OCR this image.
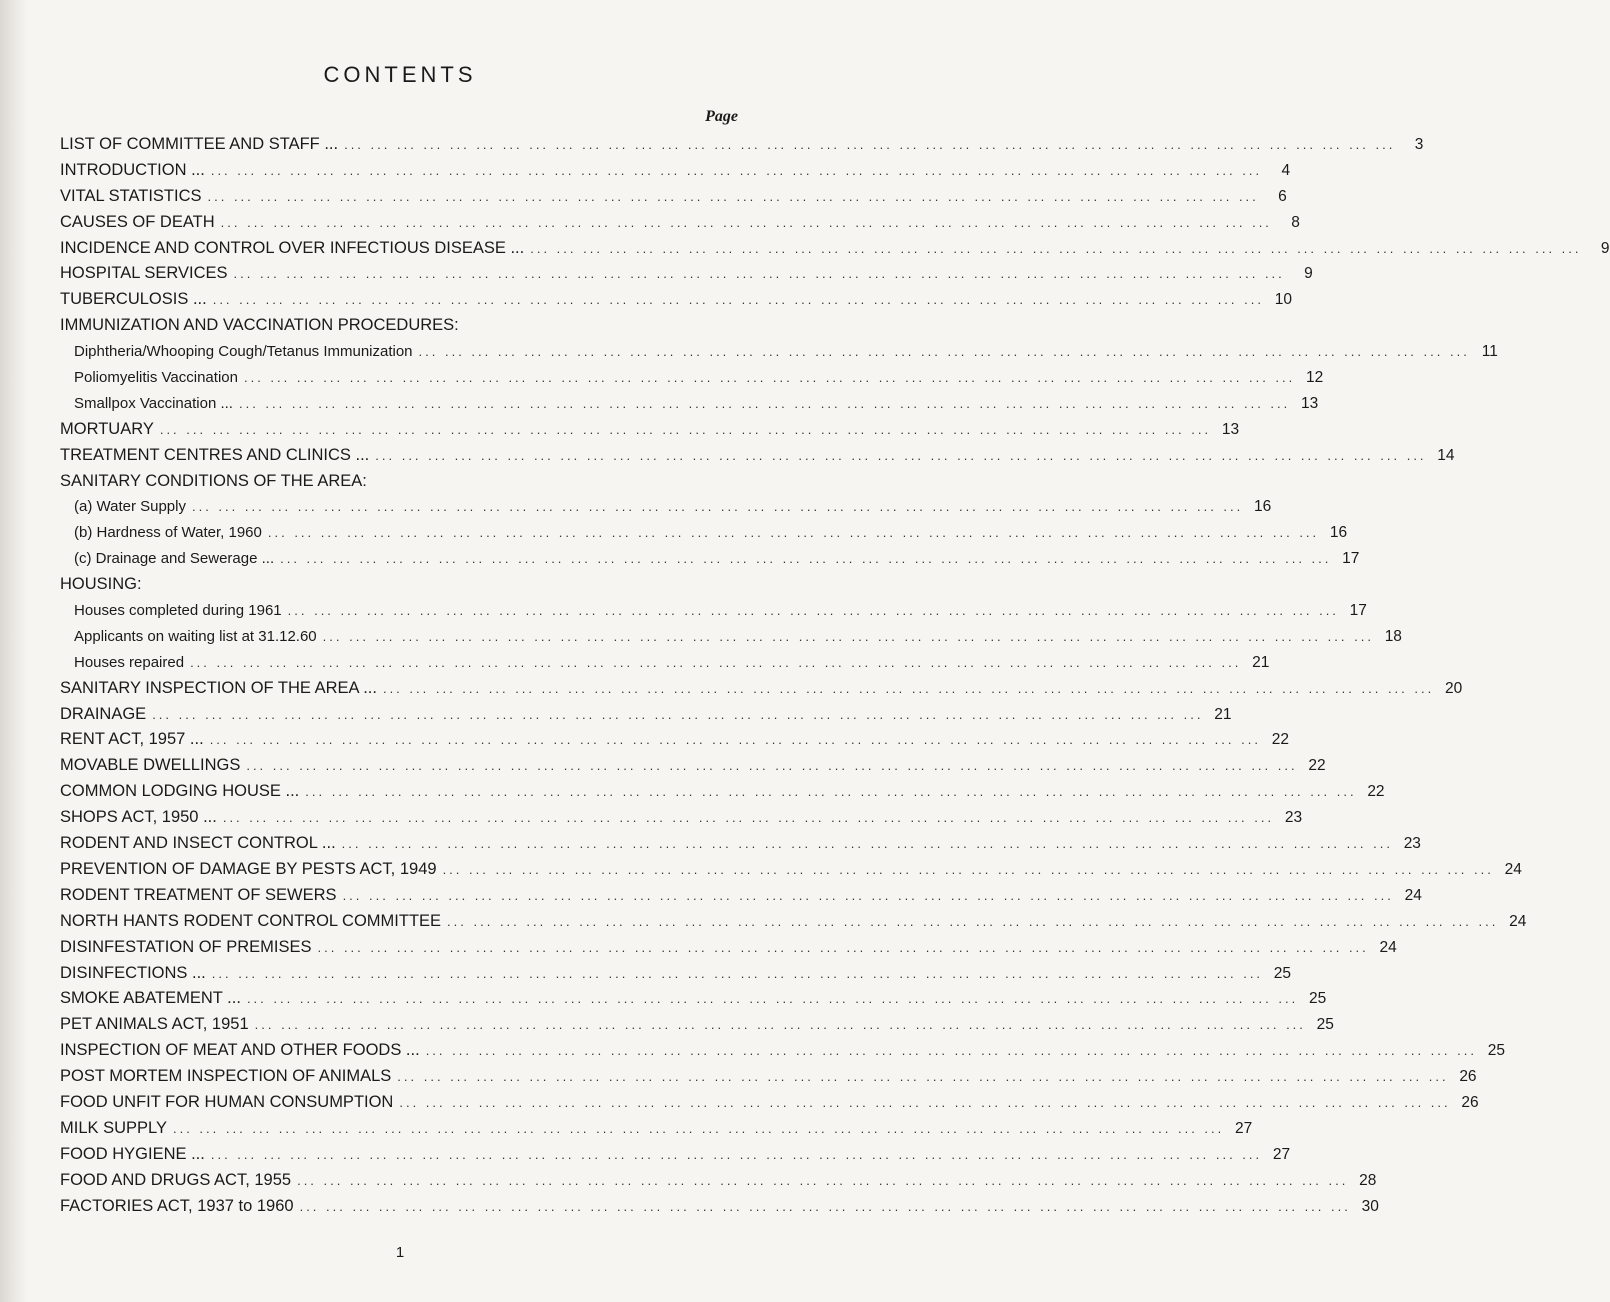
CONTENTS
Page
LIST OF COMMITTEE AND STAFF ... ... ... ... ... ... ... ... ... ... ... ... ... ... ... ... ... ... ... ... ... ... ... ... ... ... ... ... ... ... ... ... ... ... ... ... ... ... ... ... ...	3
INTRODUCTION ... ... ... ... ... ... ... ... ... ... ... ... ... ... ... ... ... ... ... ... ... ... ... ... ... ... ... ... ... ... ... ... ... ... ... ... ... ... ... ... ...	4
VITAL STATISTICS ... ... ... ... ... ... ... ... ... ... ... ... ... ... ... ... ... ... ... ... ... ... ... ... ... ... ... ... ... ... ... ... ... ... ... ... ... ... ... ...	6
CAUSES OF DEATH ... ... ... ... ... ... ... ... ... ... ... ... ... ... ... ... ... ... ... ... ... ... ... ... ... ... ... ... ... ... ... ... ... ... ... ... ... ... ... ...	8
INCIDENCE AND CONTROL OVER INFECTIOUS DISEASE ... ... ... ... ... ... ... ... ... ... ... ... ... ... ... ... ... ... ... ... ... ... ... ... ... ... ... ... ... ... ... ... ... ... ... ... ... ... ... ... ...	9
HOSPITAL SERVICES ... ... ... ... ... ... ... ... ... ... ... ... ... ... ... ... ... ... ... ... ... ... ... ... ... ... ... ... ... ... ... ... ... ... ... ... ... ... ... ...	9
TUBERCULOSIS ... ... ... ... ... ... ... ... ... ... ... ... ... ... ... ... ... ... ... ... ... ... ... ... ... ... ... ... ... ... ... ... ... ... ... ... ... ... ... ... ... 10
IMMUNIZATION AND VACCINATION PROCEDURES:
Diphtheria/Whooping Cough/Tetanus Immunization ... ... ... ... ... ... ... ... ... ... ... ... ... ... ... ... ... ... ... ... ... ... ... ... ... ... ... ... ... ... ... ... ... ... ... ... ... ... ... ... 11
Poliomyelitis Vaccination ... ... ... ... ... ... ... ... ... ... ... ... ... ... ... ... ... ... ... ... ... ... ... ... ... ... ... ... ... ... ... ... ... ... ... ... ... ... ... ... 12
Smallpox Vaccination ... ... ... ... ... ... ... ... ... ... ... ... ... ... ... ... ... ... ... ... ... ... ... ... ... ... ... ... ... ... ... ... ... ... ... ... ... ... ... ... ... 13
MORTUARY ... ... ... ... ... ... ... ... ... ... ... ... ... ... ... ... ... ... ... ... ... ... ... ... ... ... ... ... ... ... ... ... ... ... ... ... ... ... ... ... 13
TREATMENT CENTRES AND CLINICS ... ... ... ... ... ... ... ... ... ... ... ... ... ... ... ... ... ... ... ... ... ... ... ... ... ... ... ... ... ... ... ... ... ... ... ... ... ... ... ... ... 14
SANITARY CONDITIONS OF THE AREA:
(a) Water Supply ... ... ... ... ... ... ... ... ... ... ... ... ... ... ... ... ... ... ... ... ... ... ... ... ... ... ... ... ... ... ... ... ... ... ... ... ... ... ... ... 16
(b) Hardness of Water, 1960 ... ... ... ... ... ... ... ... ... ... ... ... ... ... ... ... ... ... ... ... ... ... ... ... ... ... ... ... ... ... ... ... ... ... ... ... ... ... ... ... 16
(c) Drainage and Sewerage ... ... ... ... ... ... ... ... ... ... ... ... ... ... ... ... ... ... ... ... ... ... ... ... ... ... ... ... ... ... ... ... ... ... ... ... ... ... ... ... ... 17
HOUSING:
Houses completed during 1961 ... ... ... ... ... ... ... ... ... ... ... ... ... ... ... ... ... ... ... ... ... ... ... ... ... ... ... ... ... ... ... ... ... ... ... ... ... ... ... ... 17
Applicants on waiting list at 31.12.60 ... ... ... ... ... ... ... ... ... ... ... ... ... ... ... ... ... ... ... ... ... ... ... ... ... ... ... ... ... ... ... ... ... ... ... ... ... ... ... ... 18
Houses repaired ... ... ... ... ... ... ... ... ... ... ... ... ... ... ... ... ... ... ... ... ... ... ... ... ... ... ... ... ... ... ... ... ... ... ... ... ... ... ... ... 21
SANITARY INSPECTION OF THE AREA ... ... ... ... ... ... ... ... ... ... ... ... ... ... ... ... ... ... ... ... ... ... ... ... ... ... ... ... ... ... ... ... ... ... ... ... ... ... ... ... ... 20
DRAINAGE ... ... ... ... ... ... ... ... ... ... ... ... ... ... ... ... ... ... ... ... ... ... ... ... ... ... ... ... ... ... ... ... ... ... ... ... ... ... ... ... 21
RENT ACT, 1957 ... ... ... ... ... ... ... ... ... ... ... ... ... ... ... ... ... ... ... ... ... ... ... ... ... ... ... ... ... ... ... ... ... ... ... ... ... ... ... ... ... 22
MOVABLE DWELLINGS ... ... ... ... ... ... ... ... ... ... ... ... ... ... ... ... ... ... ... ... ... ... ... ... ... ... ... ... ... ... ... ... ... ... ... ... ... ... ... ... 22
COMMON LODGING HOUSE ... ... ... ... ... ... ... ... ... ... ... ... ... ... ... ... ... ... ... ... ... ... ... ... ... ... ... ... ... ... ... ... ... ... ... ... ... ... ... ... ... 22
SHOPS ACT, 1950 ... ... ... ... ... ... ... ... ... ... ... ... ... ... ... ... ... ... ... ... ... ... ... ... ... ... ... ... ... ... ... ... ... ... ... ... ... ... ... ... ... 23
RODENT AND INSECT CONTROL ... ... ... ... ... ... ... ... ... ... ... ... ... ... ... ... ... ... ... ... ... ... ... ... ... ... ... ... ... ... ... ... ... ... ... ... ... ... ... ... ... 23
PREVENTION OF DAMAGE BY PESTS ACT, 1949 ... ... ... ... ... ... ... ... ... ... ... ... ... ... ... ... ... ... ... ... ... ... ... ... ... ... ... ... ... ... ... ... ... ... ... ... ... ... ... ... 24
RODENT TREATMENT OF SEWERS ... ... ... ... ... ... ... ... ... ... ... ... ... ... ... ... ... ... ... ... ... ... ... ... ... ... ... ... ... ... ... ... ... ... ... ... ... ... ... ... 24
NORTH HANTS RODENT CONTROL COMMITTEE ... ... ... ... ... ... ... ... ... ... ... ... ... ... ... ... ... ... ... ... ... ... ... ... ... ... ... ... ... ... ... ... ... ... ... ... ... ... ... ... 24
DISINFESTATION OF PREMISES ... ... ... ... ... ... ... ... ... ... ... ... ... ... ... ... ... ... ... ... ... ... ... ... ... ... ... ... ... ... ... ... ... ... ... ... ... ... ... ... 24
DISINFECTIONS ... ... ... ... ... ... ... ... ... ... ... ... ... ... ... ... ... ... ... ... ... ... ... ... ... ... ... ... ... ... ... ... ... ... ... ... ... ... ... ... ... 25
SMOKE ABATEMENT ... ... ... ... ... ... ... ... ... ... ... ... ... ... ... ... ... ... ... ... ... ... ... ... ... ... ... ... ... ... ... ... ... ... ... ... ... ... ... ... ... 25
PET ANIMALS ACT, 1951 ... ... ... ... ... ... ... ... ... ... ... ... ... ... ... ... ... ... ... ... ... ... ... ... ... ... ... ... ... ... ... ... ... ... ... ... ... ... ... ... 25
INSPECTION OF MEAT AND OTHER FOODS ... ... ... ... ... ... ... ... ... ... ... ... ... ... ... ... ... ... ... ... ... ... ... ... ... ... ... ... ... ... ... ... ... ... ... ... ... ... ... ... ... 25
POST MORTEM INSPECTION OF ANIMALS ... ... ... ... ... ... ... ... ... ... ... ... ... ... ... ... ... ... ... ... ... ... ... ... ... ... ... ... ... ... ... ... ... ... ... ... ... ... ... ... 26
FOOD UNFIT FOR HUMAN CONSUMPTION ... ... ... ... ... ... ... ... ... ... ... ... ... ... ... ... ... ... ... ... ... ... ... ... ... ... ... ... ... ... ... ... ... ... ... ... ... ... ... ... 26
MILK SUPPLY ... ... ... ... ... ... ... ... ... ... ... ... ... ... ... ... ... ... ... ... ... ... ... ... ... ... ... ... ... ... ... ... ... ... ... ... ... ... ... ... 27
FOOD HYGIENE ... ... ... ... ... ... ... ... ... ... ... ... ... ... ... ... ... ... ... ... ... ... ... ... ... ... ... ... ... ... ... ... ... ... ... ... ... ... ... ... ... 27
FOOD AND DRUGS ACT, 1955 ... ... ... ... ... ... ... ... ... ... ... ... ... ... ... ... ... ... ... ... ... ... ... ... ... ... ... ... ... ... ... ... ... ... ... ... ... ... ... ... 28
FACTORIES ACT, 1937 to 1960 ... ... ... ... ... ... ... ... ... ... ... ... ... ... ... ... ... ... ... ... ... ... ... ... ... ... ... ... ... ... ... ... ... ... ... ... ... ... ... ... 30
1
